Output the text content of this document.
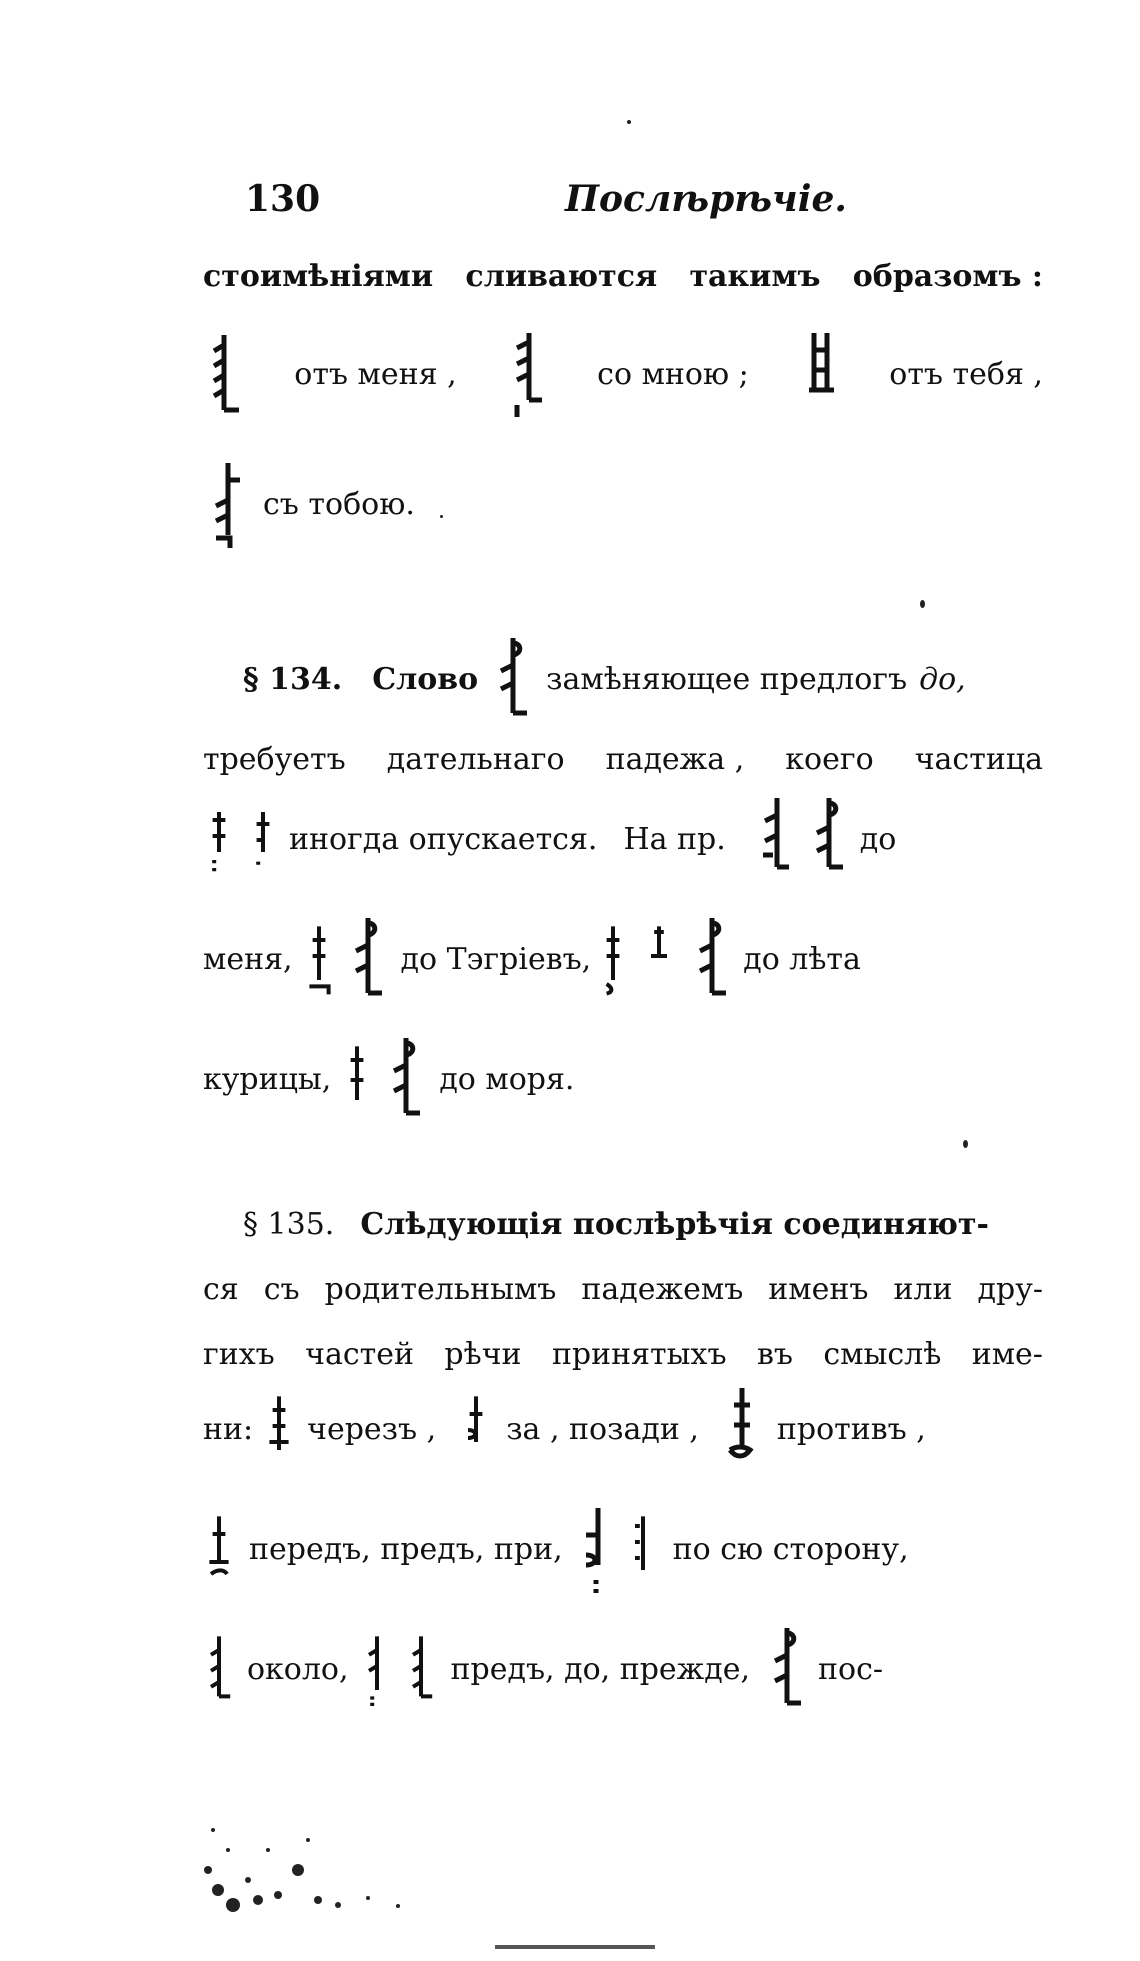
130	Послѣрѣчіе.
стоимѣніями сливаются такимъ образомъ :
отъ меня ,	со мною ;	отъ тебя ,
съ тобою.
§ 134. Слово замѣняющее предлогъ до,
требуетъ дательнаго падежа , коего частица
иногда опускается. На пр.	до
меня,	до Тэгріевъ,	до лѣта
курицы,	до моря.
§ 135. Слѣдующія послѣрѣчія соединяют-
ся съ родительнымъ падежемъ именъ или дру-
гихъ частей рѣчи принятыхъ въ смыслѣ име-
ни: черезъ , за , позади ,	противъ ,
передъ, предъ, при,	по сю сторону,
около,	предъ, до, прежде, пос-
